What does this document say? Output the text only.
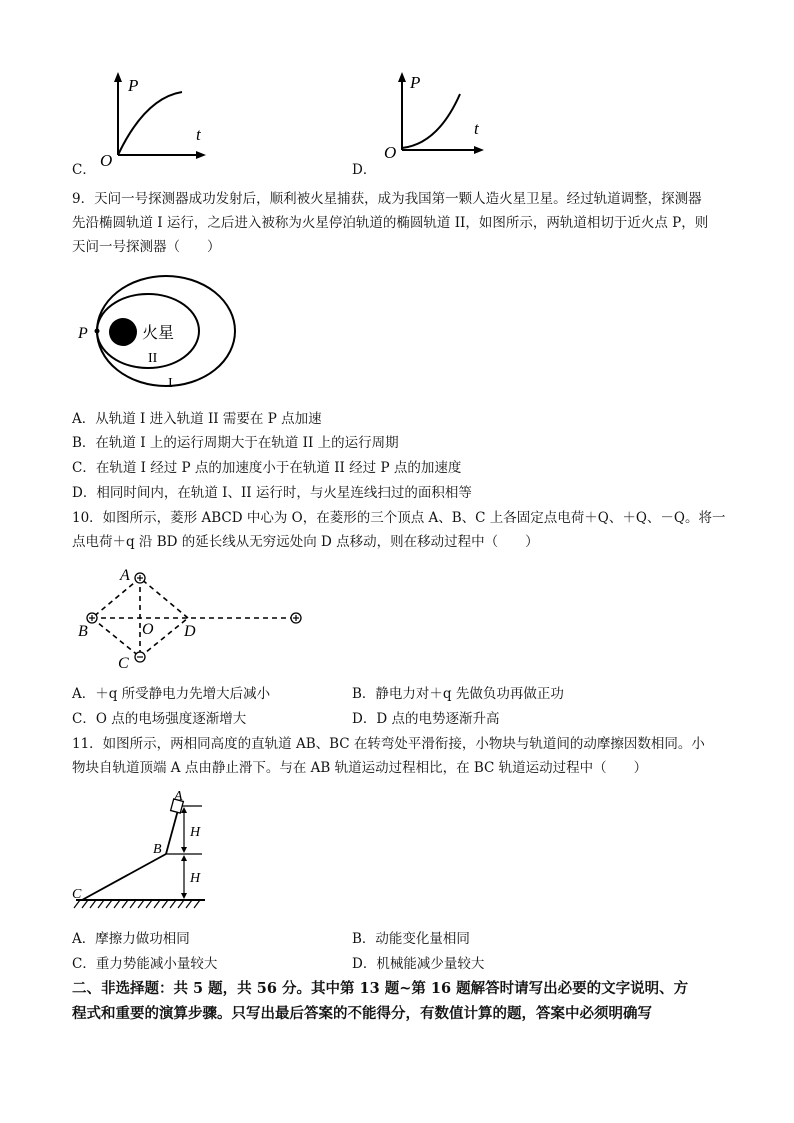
P
t
O
C．
P
t
O
D．
9．天问一号探测器成功发射后，顺利被火星捕获，成为我国第一颗人造火星卫星。经过轨道调整，探测器
先沿椭圆轨道 I 运行，之后进入被称为火星停泊轨道的椭圆轨道 II，如图所示，两轨道相切于近火点 P，则
天问一号探测器（　　）
P	火星
II
I
A．从轨道 I 进入轨道 II 需要在 P 点加速
B．在轨道 I 上的运行周期大于在轨道 II 上的运行周期
C．在轨道 I 经过 P 点的加速度小于在轨道 II 经过 P 点的加速度
D．相同时间内，在轨道 I、II 运行时，与火星连线扫过的面积相等
10．如图所示，菱形 ABCD 中心为 O，在菱形的三个顶点 A、B、C 上各固定点电荷＋Q、＋Q、－Q。将一
点电荷＋q 沿 BD 的延长线从无穷远处向 D 点移动，则在移动过程中（　　）
A
B
C
D
O
A．＋q 所受静电力先增大后减小	B．静电力对＋q 先做负功再做正功
C．O 点的电场强度逐渐增大	D．D 点的电势逐渐升高
11．如图所示，两相同高度的直轨道 AB、BC 在转弯处平滑衔接，小物块与轨道间的动摩擦因数相同。小
物块自轨道顶端 A 点由静止滑下。与在 AB 轨道运动过程相比，在 BC 轨道运动过程中（　　）
A
B
C
H
H
A．摩擦力做功相同	B．动能变化量相同
C．重力势能减小量较大	D．机械能减少量较大
二、非选择题：共 5 题，共 56 分。其中第 13 题~第 16 题解答时请写出必要的文字说明、方
程式和重要的演算步骤。只写出最后答案的不能得分，有数值计算的题，答案中必须明确写
